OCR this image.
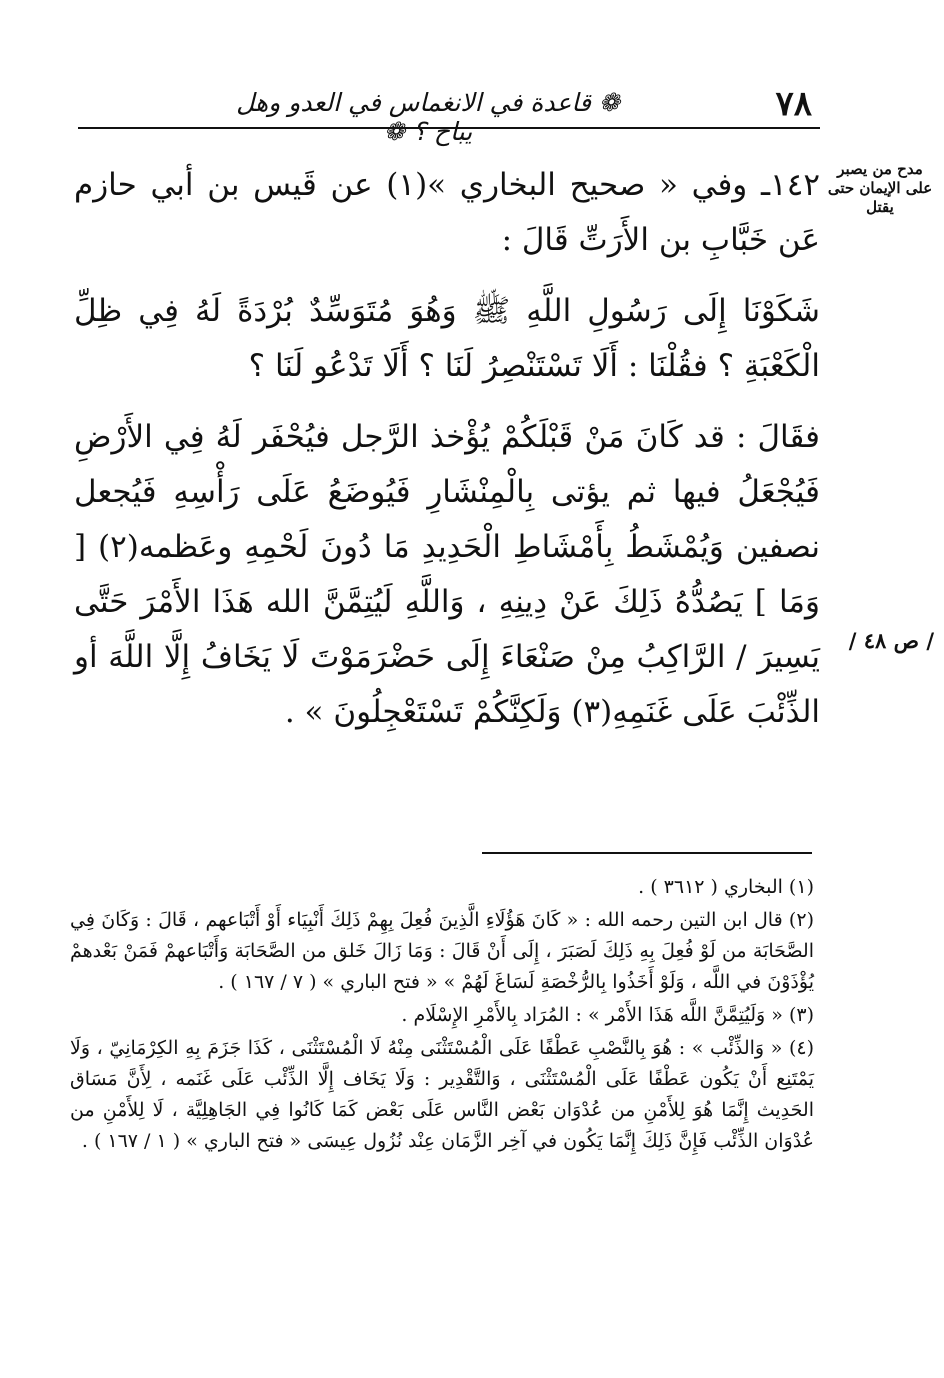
٧٨
❁ قاعدة في الانغماس في العدو وهل يباح ؟ ❁
مدح من يصبر على الإيمان حتى يقتل
/ ص ٤٨ /

١٤٢ـ وفي « صحيح البخاري »(١) عن قَيس بن أبي حازم عَن خَبَّابِ بن الأَرَتِّ قَالَ :

شَكَوْنَا إِلَى رَسُولِ اللَّهِ ﷺ وَهُوَ مُتَوَسِّدٌ بُرْدَةً لَهُ فِي ظِلِّ الْكَعْبَةِ ؟ فقُلْنَا : أَلَا تَسْتَنْصِرُ لَنَا ؟ أَلَا تَدْعُو لَنَا ؟

فقَالَ : قد كَانَ مَنْ قَبْلَكُمْ يُؤْخذ الرَّجل فيُحْفَر لَهُ فِي الأَرْضِ فَيُجْعَلُ فيها ثم يؤتى بِالْمِنْشَارِ فَيُوضَعُ عَلَى رَأْسِهِ فَيُجعل نصفين وَيُمْشَطُ بِأَمْشَاطِ الْحَدِيدِ مَا دُونَ لَحْمِهِ وعَظمه(٢) [ وَمَا ] يَصُدُّهُ ذَلِكَ عَنْ دِينِهِ ، وَاللَّهِ لَيُتِمَّنَّ الله هَذَا الأَمْرَ حَتَّى يَسِيرَ / الرَّاكِبُ مِنْ صَنْعَاءَ إِلَى حَضْرَمَوْتَ لَا يَخَافُ إِلَّا اللَّهَ أو الذِّئْبَ عَلَى غَنَمِهِ(٣) وَلَكِنَّكُمْ تَسْتَعْجِلُونَ » .

(١) البخاري ( ٣٦١٢ ) .

(٢) قال ابن التين رحمه الله : « كَانَ هَؤُلَاءِ الَّذِينَ فُعِلَ بِهِمْ ذَلِكَ أَنْبِيَاء أَوْ أَتْبَاعهم ، قَالَ : وَكَانَ فِي الصَّحَابَة من لَوْ فُعِلَ بِهِ ذَلِكَ لَصَبَرَ ، إِلَى أَنْ قَالَ : وَمَا زَالَ خَلق من الصَّحَابَة وَأَتْبَاعهمْ فَمَنْ بَعْدهمْ يُؤْذَوْنَ في اللَّه ، وَلَوْ أَخَذُوا بِالرُّخْصَةِ لَسَاغَ لَهُمْ » « فتح الباري » ( ٧ / ١٦٧ ) .

(٣) « وَلَيُتِمَّنَّ اللَّه هَذَا الأَمْر » : المُرَاد بِالأَمْرِ الإِسْلَام .

(٤) « وَالذِّئْب » : هُوَ بِالنَّصْبِ عَطْفًا عَلَى الْمُسْتَثْنَى مِنْهُ لَا الْمُسْتَثْنَى ، كَذَا جَزَمَ بِهِ الكِرْمَانِيّ ، وَلَا يَمْتَنِع أَنْ يَكُون عَطْفًا عَلَى الْمُسْتَثْنَى ، وَالتَّقْدِير : وَلَا يَخَاف إِلَّا الذِّئْب عَلَى غَنَمه ، لِأَنَّ مَسَاق الحَدِيث إِنَّمَا هُوَ لِلأَمْنِ من عُدْوَان بَعْض النَّاس عَلَى بَعْض كَمَا كَانُوا فِي الجَاهِلِيَّة ، لَا لِلأَمْنِ من عُدْوَان الذِّئْب فَإِنَّ ذَلِكَ إِنَّمَا يَكُون في آخِر الزَّمَان عِنْد نُزُول عِيسَى « فتح الباري » ( ١ / ١٦٧ ) .
